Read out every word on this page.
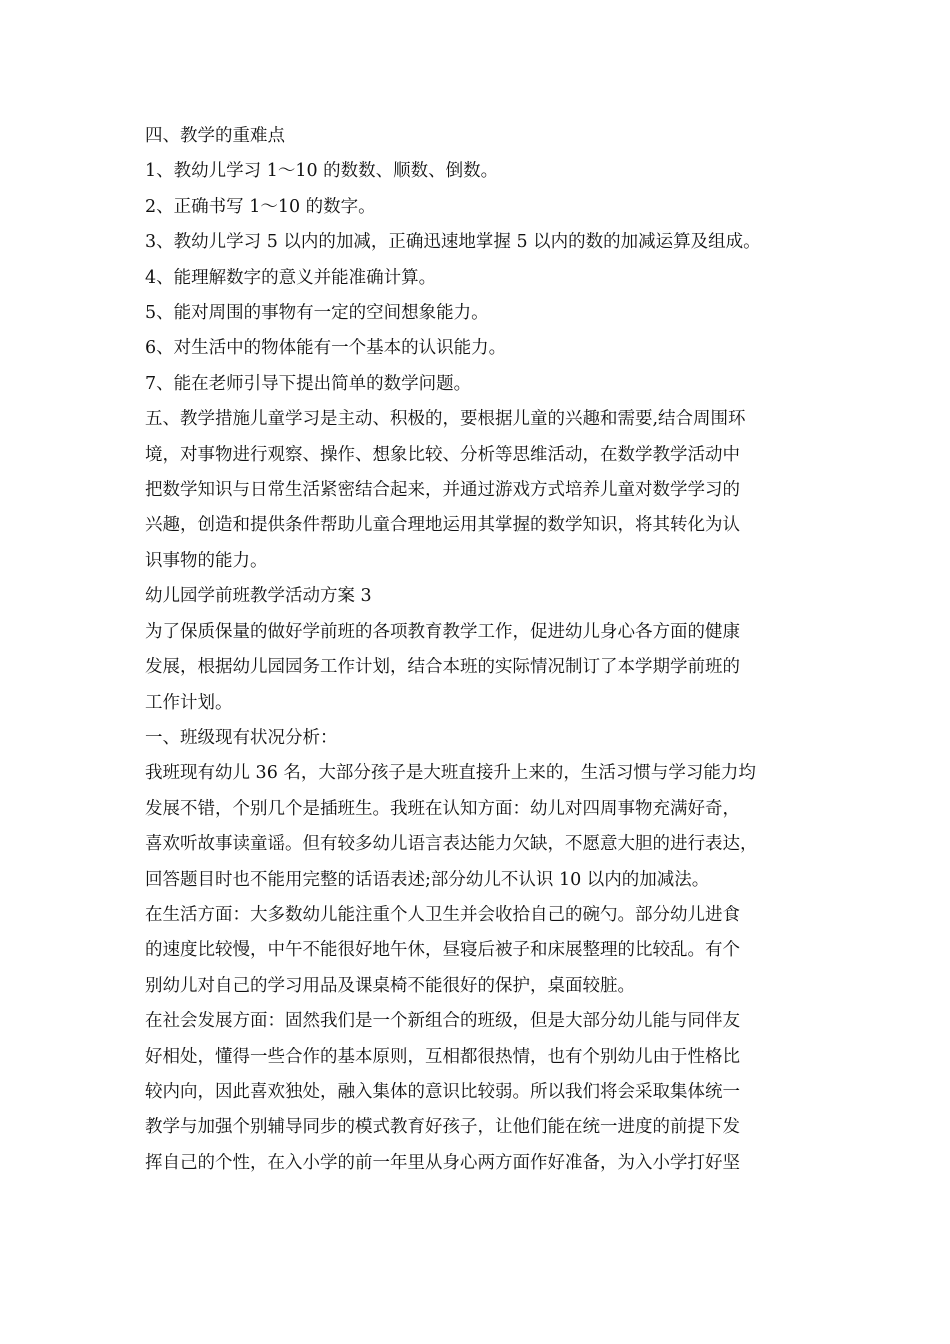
四、教学的重难点
1、教幼儿学习 1～10 的数数、顺数、倒数。
2、正确书写 1～10 的数字。
3、教幼儿学习 5 以内的加减，正确迅速地掌握 5 以内的数的加减运算及组成。
4、能理解数字的意义并能准确计算。
5、能对周围的事物有一定的空间想象能力。
6、对生活中的物体能有一个基本的认识能力。
7、能在老师引导下提出简单的数学问题。
五、教学措施儿童学习是主动、积极的，要根据儿童的兴趣和需要,结合周围环
境，对事物进行观察、操作、想象比较、分析等思维活动，在数学教学活动中
把数学知识与日常生活紧密结合起来，并通过游戏方式培养儿童对数学学习的
兴趣，创造和提供条件帮助儿童合理地运用其掌握的数学知识，将其转化为认
识事物的能力。
幼儿园学前班教学活动方案 3
为了保质保量的做好学前班的各项教育教学工作，促进幼儿身心各方面的健康
发展，根据幼儿园园务工作计划，结合本班的实际情况制订了本学期学前班的
工作计划。
一、班级现有状况分析：
我班现有幼儿 36 名，大部分孩子是大班直接升上来的，生活习惯与学习能力均
发展不错，个别几个是插班生。我班在认知方面：幼儿对四周事物充满好奇，
喜欢听故事读童谣。但有较多幼儿语言表达能力欠缺，不愿意大胆的进行表达，
回答题目时也不能用完整的话语表述;部分幼儿不认识 10 以内的加减法。
在生活方面：大多数幼儿能注重个人卫生并会收拾自己的碗勺。部分幼儿进食
的速度比较慢，中午不能很好地午休，昼寝后被子和床展整理的比较乱。有个
别幼儿对自己的学习用品及课桌椅不能很好的保护，桌面较脏。
在社会发展方面：固然我们是一个新组合的班级，但是大部分幼儿能与同伴友
好相处，懂得一些合作的基本原则，互相都很热情，也有个别幼儿由于性格比
较内向，因此喜欢独处，融入集体的意识比较弱。所以我们将会采取集体统一
教学与加强个别辅导同步的模式教育好孩子，让他们能在统一进度的前提下发
挥自己的个性，在入小学的前一年里从身心两方面作好准备，为入小学打好坚
